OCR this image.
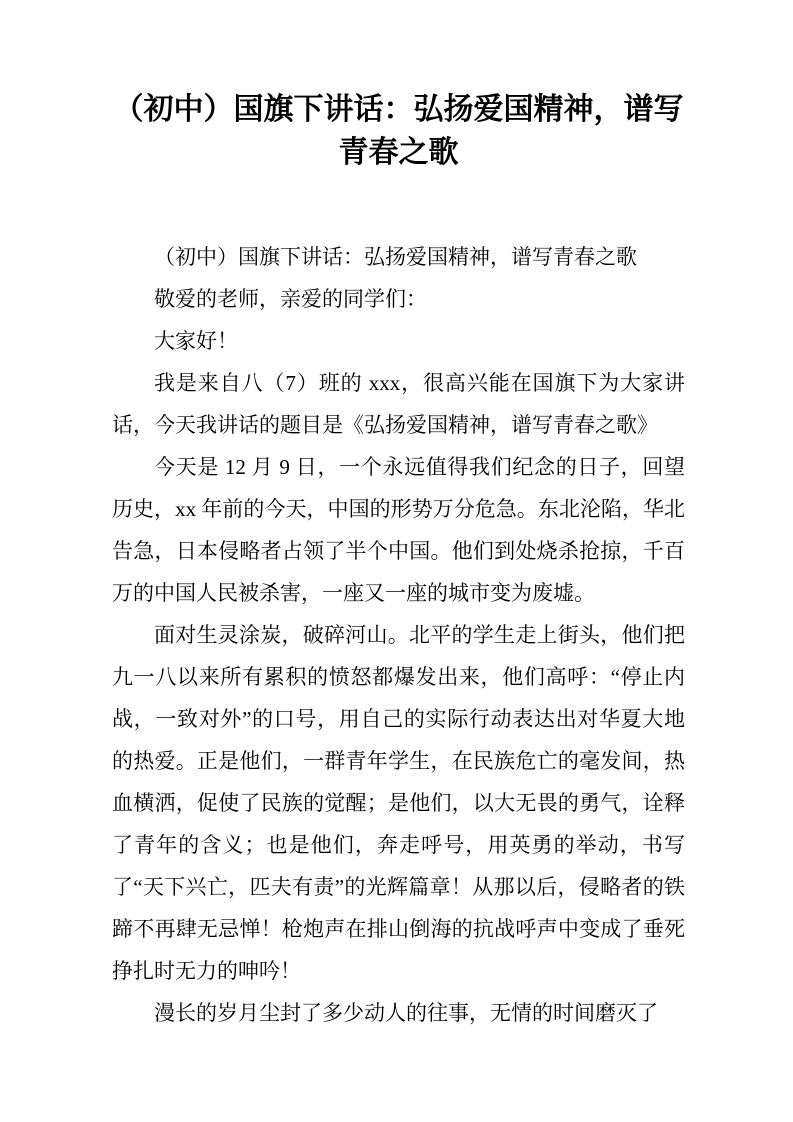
（初中）国旗下讲话：弘扬爱国精神，谱写青春之歌

（初中）国旗下讲话：弘扬爱国精神，谱写青春之歌

敬爱的老师，亲爱的同学们：

大家好！

我是来自八（7）班的 xxx，很高兴能在国旗下为大家讲话，今天我讲话的题目是《弘扬爱国精神，谱写青春之歌》

今天是 12 月 9 日，一个永远值得我们纪念的日子，回望历史，xx 年前的今天，中国的形势万分危急。东北沦陷，华北告急，日本侵略者占领了半个中国。他们到处烧杀抢掠，千百万的中国人民被杀害，一座又一座的城市变为废墟。

面对生灵涂炭，破碎河山。北平的学生走上街头，他们把九一八以来所有累积的愤怒都爆发出来，他们高呼：“停止内战，一致对外”的口号，用自己的实际行动表达出对华夏大地的热爱。正是他们，一群青年学生，在民族危亡的毫发间，热血横洒，促使了民族的觉醒；是他们，以大无畏的勇气，诠释了青年的含义；也是他们，奔走呼号，用英勇的举动，书写了“天下兴亡，匹夫有责”的光辉篇章！从那以后，侵略者的铁蹄不再肆无忌惮！枪炮声在排山倒海的抗战呼声中变成了垂死挣扎时无力的呻吟！

漫长的岁月尘封了多少动人的往事，无情的时间磨灭了
